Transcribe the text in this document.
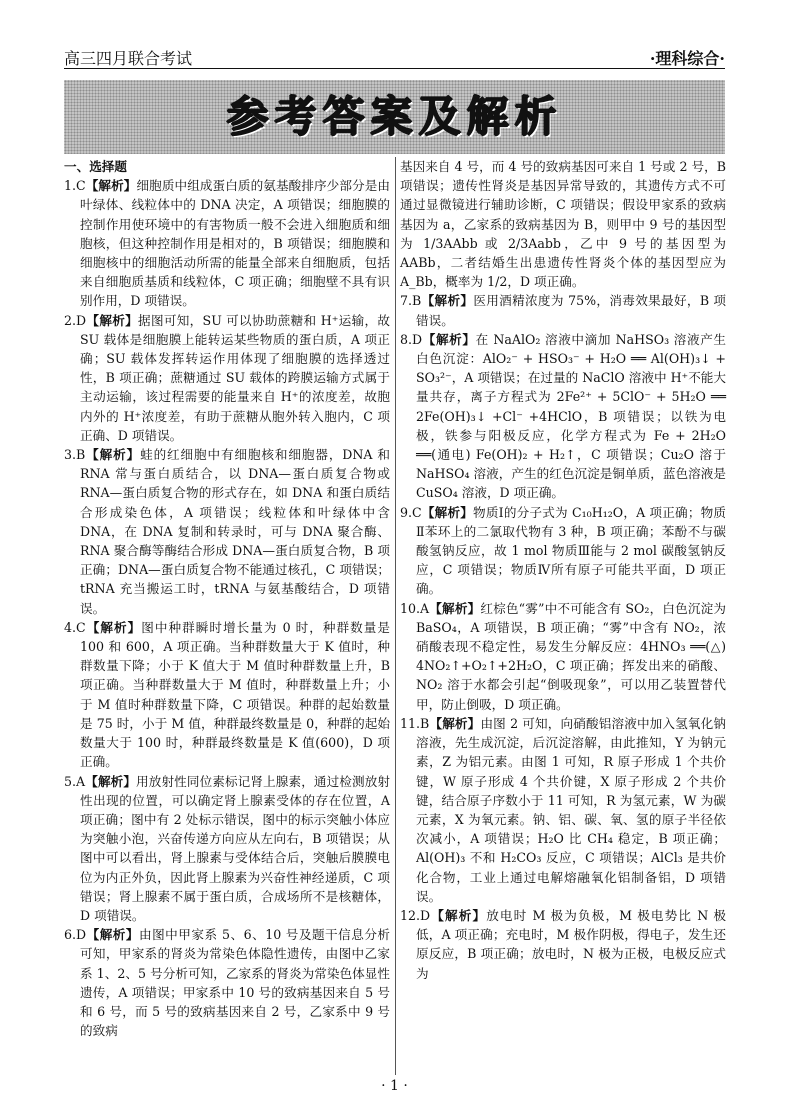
高三四月联合考试	·理科综合·
参考答案及解析

一、选择题

1.C【解析】细胞质中组成蛋白质的氨基酸排序少部分是由叶绿体、线粒体中的 DNA 决定，A 项错误；细胞膜的控制作用使环境中的有害物质一般不会进入细胞质和细胞核，但这种控制作用是相对的，B 项错误；细胞膜和细胞核中的细胞活动所需的能量全部来自细胞质，包括来自细胞质基质和线粒体，C 项正确；细胞壁不具有识别作用，D 项错误。

2.D【解析】据图可知，SU 可以协助蔗糖和 H⁺运输，故 SU 载体是细胞膜上能转运某些物质的蛋白质，A 项正确；SU 载体发挥转运作用体现了细胞膜的选择透过性，B 项正确；蔗糖通过 SU 载体的跨膜运输方式属于主动运输，该过程需要的能量来自 H⁺的浓度差，故胞内外的 H⁺浓度差，有助于蔗糖从胞外转入胞内，C 项正确、D 项错误。

3.B【解析】蛙的红细胞中有细胞核和细胞器，DNA 和 RNA 常与蛋白质结合，以 DNA—蛋白质复合物或 RNA—蛋白质复合物的形式存在，如 DNA 和蛋白质结合形成染色体，A 项错误；线粒体和叶绿体中含 DNA，在 DNA 复制和转录时，可与 DNA 聚合酶、RNA 聚合酶等酶结合形成 DNA—蛋白质复合物，B 项正确；DNA—蛋白质复合物不能通过核孔，C 项错误；tRNA 充当搬运工时，tRNA 与氨基酸结合，D 项错误。

4.C【解析】图中种群瞬时增长量为 0 时，种群数量是 100 和 600，A 项正确。当种群数量大于 K 值时，种群数量下降；小于 K 值大于 M 值时种群数量上升，B 项正确。当种群数量大于 M 值时，种群数量上升；小于 M 值时种群数量下降，C 项错误。种群的起始数量是 75 时，小于 M 值，种群最终数量是 0，种群的起始数量大于 100 时，种群最终数量是 K 值(600)，D 项正确。

5.A【解析】用放射性同位素标记肾上腺素，通过检测放射性出现的位置，可以确定肾上腺素受体的存在位置，A 项正确；图中有 2 处标示错误，图中的标示突触小体应为突触小泡，兴奋传递方向应从左向右，B 项错误；从图中可以看出，肾上腺素与受体结合后，突触后膜膜电位为内正外负，因此肾上腺素为兴奋性神经递质，C 项错误；肾上腺素不属于蛋白质，合成场所不是核糖体，D 项错误。

6.D【解析】由图中甲家系 5、6、10 号及题干信息分析可知，甲家系的肾炎为常染色体隐性遗传，由图中乙家系 1、2、5 号分析可知，乙家系的肾炎为常染色体显性遗传，A 项错误；甲家系中 10 号的致病基因来自 5 号和 6 号，而 5 号的致病基因来自 2 号，乙家系中 9 号的致病

基因来自 4 号，而 4 号的致病基因可来自 1 号或 2 号，B 项错误；遗传性肾炎是基因异常导致的，其遗传方式不可通过显微镜进行辅助诊断，C 项错误；假设甲家系的致病基因为 a，乙家系的致病基因为 B，则甲中 9 号的基因型为 1/3AAbb 或 2/3Aabb，乙中 9 号的基因型为 AABb，二者结婚生出患遗传性肾炎个体的基因型应为 A_Bb，概率为 1/2，D 项正确。

7.B【解析】医用酒精浓度为 75%，消毒效果最好，B 项错误。

8.D【解析】在 NaAlO₂ 溶液中滴加 NaHSO₃ 溶液产生白色沉淀：AlO₂⁻ + HSO₃⁻ + H₂O ══ Al(OH)₃↓ + SO₃²⁻，A 项错误；在过量的 NaClO 溶液中 H⁺不能大量共存，离子方程式为 2Fe²⁺ + 5ClO⁻ + 5H₂O ══ 2Fe(OH)₃↓ +Cl⁻ +4HClO，B 项错误；以铁为电极，铁参与阳极反应，化学方程式为 Fe + 2H₂O ══(通电) Fe(OH)₂ + H₂↑，C 项错误；Cu₂O 溶于 NaHSO₄ 溶液，产生的红色沉淀是铜单质，蓝色溶液是 CuSO₄ 溶液，D 项正确。

9.C【解析】物质Ⅰ的分子式为 C₁₀H₁₂O，A 项正确；物质Ⅱ苯环上的二氯取代物有 3 种，B 项正确；苯酚不与碳酸氢钠反应，故 1 mol 物质Ⅲ能与 2 mol 碳酸氢钠反应，C 项错误；物质Ⅳ所有原子可能共平面，D 项正确。

10.A【解析】红棕色“雾”中不可能含有 SO₂，白色沉淀为 BaSO₄，A 项错误，B 项正确；“雾”中含有 NO₂，浓硝酸表现不稳定性，易发生分解反应：4HNO₃ ══(△) 4NO₂↑+O₂↑+2H₂O，C 项正确；挥发出来的硝酸、NO₂ 溶于水都会引起“倒吸现象”，可以用乙装置替代甲，防止倒吸，D 项正确。

11.B【解析】由图 2 可知，向硝酸铝溶液中加入氢氧化钠溶液，先生成沉淀，后沉淀溶解，由此推知，Y 为钠元素，Z 为铝元素。由图 1 可知，R 原子形成 1 个共价键，W 原子形成 4 个共价键，X 原子形成 2 个共价键，结合原子序数小于 11 可知，R 为氢元素，W 为碳元素，X 为氧元素。钠、铝、碳、氧、氢的原子半径依次减小，A 项错误；H₂O 比 CH₄ 稳定，B 项正确；Al(OH)₃ 不和 H₂CO₃ 反应，C 项错误；AlCl₃ 是共价化合物，工业上通过电解熔融氧化铝制备铝，D 项错误。

12.D【解析】放电时 M 极为负极，M 极电势比 N 极低，A 项正确；充电时，M 极作阴极，得电子，发生还原反应，B 项正确；放电时，N 极为正极，电极反应式为

· 1 ·
